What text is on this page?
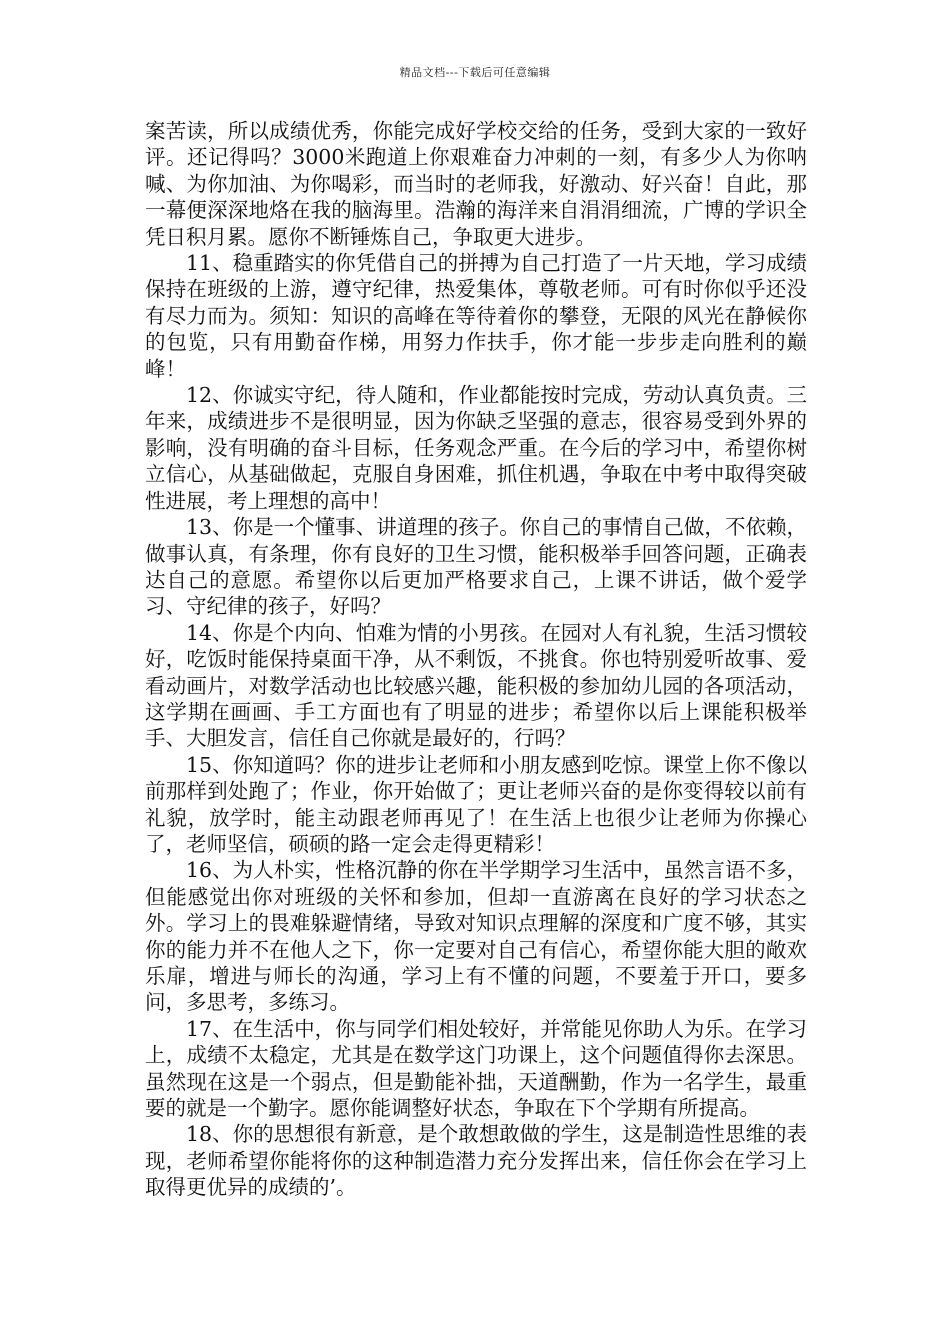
精品文档---下载后可任意编辑

案苦读，所以成绩优秀，你能完成好学校交给的任务，受到大家的一致好评。还记得吗？3000米跑道上你艰难奋力冲刺的一刻，有多少人为你呐喊、为你加油、为你喝彩，而当时的老师我，好激动、好兴奋！自此，那一幕便深深地烙在我的脑海里。浩瀚的海洋来自涓涓细流，广博的学识全凭日积月累。愿你不断锤炼自己，争取更大进步。

11、稳重踏实的你凭借自己的拼搏为自己打造了一片天地，学习成绩保持在班级的上游，遵守纪律，热爱集体，尊敬老师。可有时你似乎还没有尽力而为。须知：知识的高峰在等待着你的攀登，无限的风光在静候你的包览，只有用勤奋作梯，用努力作扶手，你才能一步步走向胜利的巅峰！

12、你诚实守纪，待人随和，作业都能按时完成，劳动认真负责。三年来，成绩进步不是很明显，因为你缺乏坚强的意志，很容易受到外界的影响，没有明确的奋斗目标，任务观念严重。在今后的学习中，希望你树立信心，从基础做起，克服自身困难，抓住机遇，争取在中考中取得突破性进展，考上理想的高中！

13、你是一个懂事、讲道理的孩子。你自己的事情自己做，不依赖，做事认真，有条理，你有良好的卫生习惯，能积极举手回答问题，正确表达自己的意愿。希望你以后更加严格要求自己，上课不讲话，做个爱学习、守纪律的孩子，好吗？

14、你是个内向、怕难为情的小男孩。在园对人有礼貌，生活习惯较好，吃饭时能保持桌面干净，从不剩饭，不挑食。你也特别爱听故事、爱看动画片，对数学活动也比较感兴趣，能积极的参加幼儿园的各项活动，这学期在画画、手工方面也有了明显的进步；希望你以后上课能积极举手、大胆发言，信任自己你就是最好的，行吗？

15、你知道吗？你的进步让老师和小朋友感到吃惊。课堂上你不像以前那样到处跑了；作业，你开始做了；更让老师兴奋的是你变得较以前有礼貌，放学时，能主动跟老师再见了！在生活上也很少让老师为你操心了，老师坚信，硕硕的路一定会走得更精彩！

16、为人朴实，性格沉静的你在半学期学习生活中，虽然言语不多，但能感觉出你对班级的关怀和参加，但却一直游离在良好的学习状态之外。学习上的畏难躲避情绪，导致对知识点理解的深度和广度不够，其实你的能力并不在他人之下，你一定要对自己有信心，希望你能大胆的敞欢乐扉，增进与师长的沟通，学习上有不懂的问题，不要羞于开口，要多问，多思考，多练习。

17、在生活中，你与同学们相处较好，并常能见你助人为乐。在学习上，成绩不太稳定，尤其是在数学这门功课上，这个问题值得你去深思。虽然现在这是一个弱点，但是勤能补拙，天道酬勤，作为一名学生，最重要的就是一个勤字。愿你能调整好状态，争取在下个学期有所提高。

18、你的思想很有新意，是个敢想敢做的学生，这是制造性思维的表现，老师希望你能将你的这种制造潜力充分发挥出来，信任你会在学习上取得更优异的成绩的’。
